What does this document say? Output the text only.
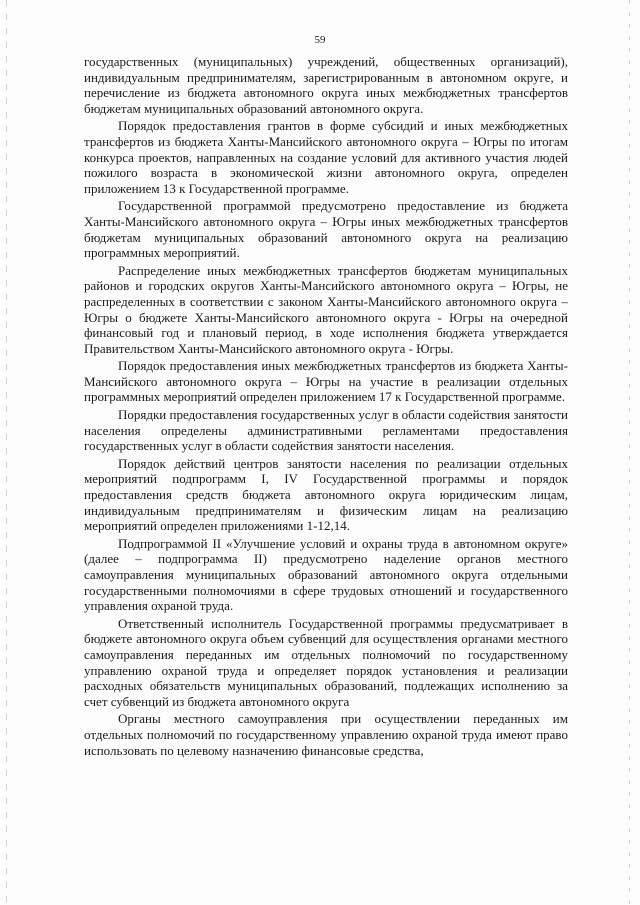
59

государственных (муниципальных) учреждений, общественных организаций), индивидуальным предпринимателям, зарегистрированным в автономном округе, и перечисление из бюджета автономного округа иных межбюджетных трансфертов бюджетам муниципальных образований автономного округа.

Порядок предоставления грантов в форме субсидий и иных межбюджетных трансфертов из бюджета Ханты-Мансийского автономного округа – Югры по итогам конкурса проектов, направленных на создание условий для активного участия людей пожилого возраста в экономической жизни автономного округа, определен приложением 13 к Государственной программе.

Государственной программой предусмотрено предоставление из бюджета Ханты-Мансийского автономного округа – Югры иных межбюджетных трансфертов бюджетам муниципальных образований автономного округа на реализацию программных мероприятий.

Распределение иных межбюджетных трансфертов бюджетам муниципальных районов и городских округов Ханты-Мансийского автономного округа – Югры, не распределенных в соответствии с законом Ханты-Мансийского автономного округа – Югры о бюджете Ханты-Мансийского автономного округа - Югры на очередной финансовый год и плановый период, в ходе исполнения бюджета утверждается Правительством Ханты-Мансийского автономного округа - Югры.

Порядок предоставления иных межбюджетных трансфертов из бюджета Ханты-Мансийского автономного округа – Югры на участие в реализации отдельных программных мероприятий определен приложением 17 к Государственной программе.

Порядки предоставления государственных услуг в области содействия занятости населения определены административными регламентами предоставления государственных услуг в области содействия занятости населения.

Порядок действий центров занятости населения по реализации отдельных мероприятий подпрограмм I, IV Государственной программы и порядок предоставления средств бюджета автономного округа юридическим лицам, индивидуальным предпринимателям и физическим лицам на реализацию мероприятий определен приложениями 1-12,14.

Подпрограммой II «Улучшение условий и охраны труда в автономном округе» (далее – подпрограмма II) предусмотрено наделение органов местного самоуправления муниципальных образований автономного округа отдельными государственными полномочиями в сфере трудовых отношений и государственного управления охраной труда.

Ответственный исполнитель Государственной программы предусматривает в бюджете автономного округа объем субвенций для осуществления органами местного самоуправления переданных им отдельных полномочий по государственному управлению охраной труда и определяет порядок установления и реализации расходных обязательств муниципальных образований, подлежащих исполнению за счет субвенций из бюджета автономного округа

Органы местного самоуправления при осуществлении переданных им отдельных полномочий по государственному управлению охраной труда имеют право использовать по целевому назначению финансовые средства,
